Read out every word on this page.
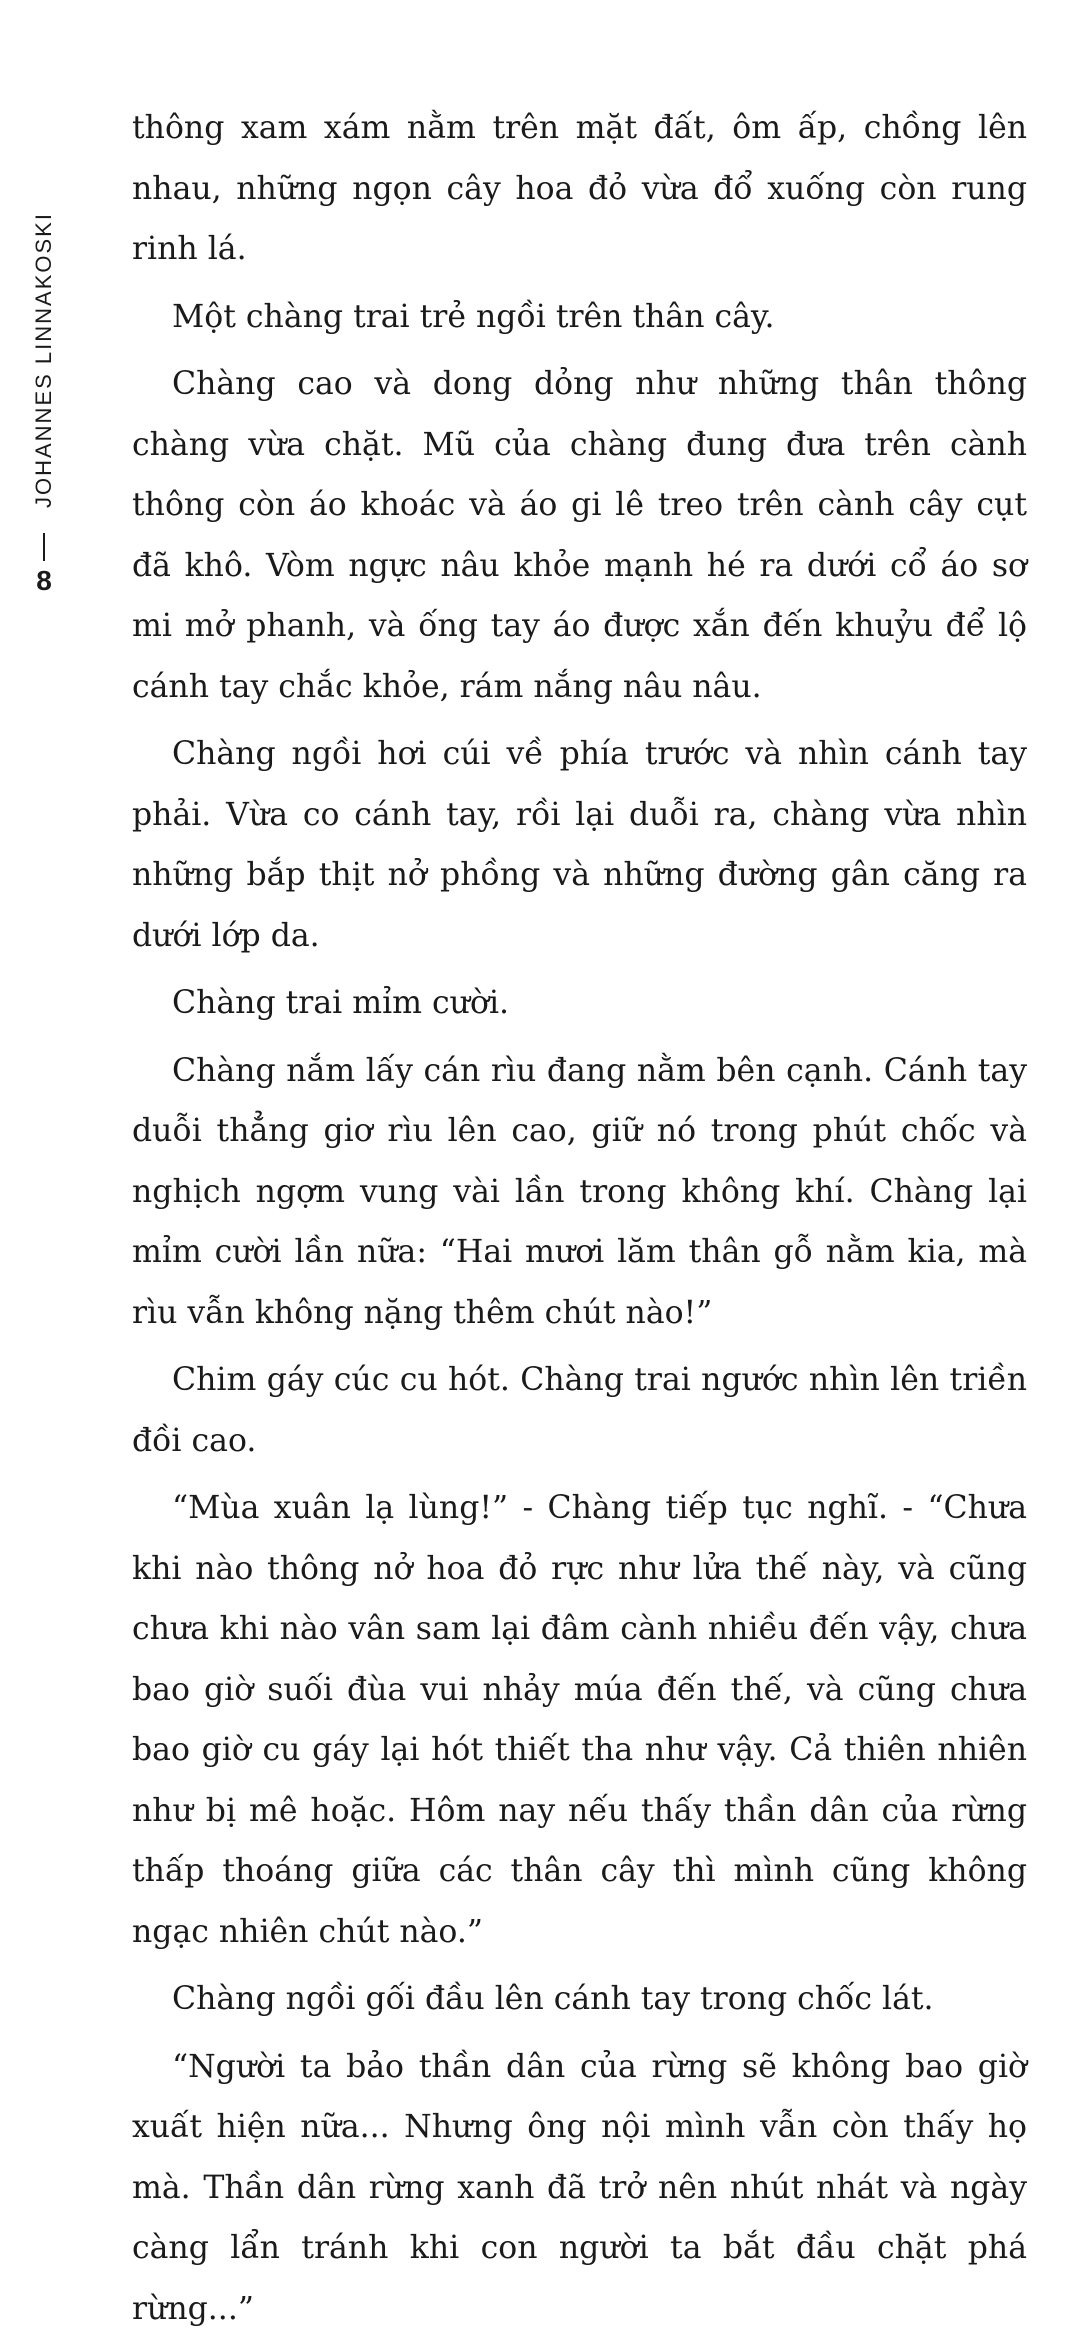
JOHANNES LINNAKOSKI
8

thông xam xám nằm trên mặt đất, ôm ấp, chồng lên nhau, những ngọn cây hoa đỏ vừa đổ xuống còn rung rinh lá.

Một chàng trai trẻ ngồi trên thân cây.

Chàng cao và dong dỏng như những thân thông chàng vừa chặt. Mũ của chàng đung đưa trên cành thông còn áo khoác và áo gi lê treo trên cành cây cụt đã khô. Vòm ngực nâu khỏe mạnh hé ra dưới cổ áo sơ mi mở phanh, và ống tay áo được xắn đến khuỷu để lộ cánh tay chắc khỏe, rám nắng nâu nâu.

Chàng ngồi hơi cúi về phía trước và nhìn cánh tay phải. Vừa co cánh tay, rồi lại duỗi ra, chàng vừa nhìn những bắp thịt nở phồng và những đường gân căng ra dưới lớp da.

Chàng trai mỉm cười.

Chàng nắm lấy cán rìu đang nằm bên cạnh. Cánh tay duỗi thẳng giơ rìu lên cao, giữ nó trong phút chốc và nghịch ngợm vung vài lần trong không khí. Chàng lại mỉm cười lần nữa: “Hai mươi lăm thân gỗ nằm kia, mà rìu vẫn không nặng thêm chút nào!”

Chim gáy cúc cu hót. Chàng trai ngước nhìn lên triền đồi cao.

“Mùa xuân lạ lùng!” - Chàng tiếp tục nghĩ. - “Chưa khi nào thông nở hoa đỏ rực như lửa thế này, và cũng chưa khi nào vân sam lại đâm cành nhiều đến vậy, chưa bao giờ suối đùa vui nhảy múa đến thế, và cũng chưa bao giờ cu gáy lại hót thiết tha như vậy. Cả thiên nhiên như bị mê hoặc. Hôm nay nếu thấy thần dân của rừng thấp thoáng giữa các thân cây thì mình cũng không ngạc nhiên chút nào.”

Chàng ngồi gối đầu lên cánh tay trong chốc lát.

“Người ta bảo thần dân của rừng sẽ không bao giờ xuất hiện nữa... Nhưng ông nội mình vẫn còn thấy họ mà. Thần dân rừng xanh đã trở nên nhút nhát và ngày càng lẩn tránh khi con người ta bắt đầu chặt phá rừng...”
